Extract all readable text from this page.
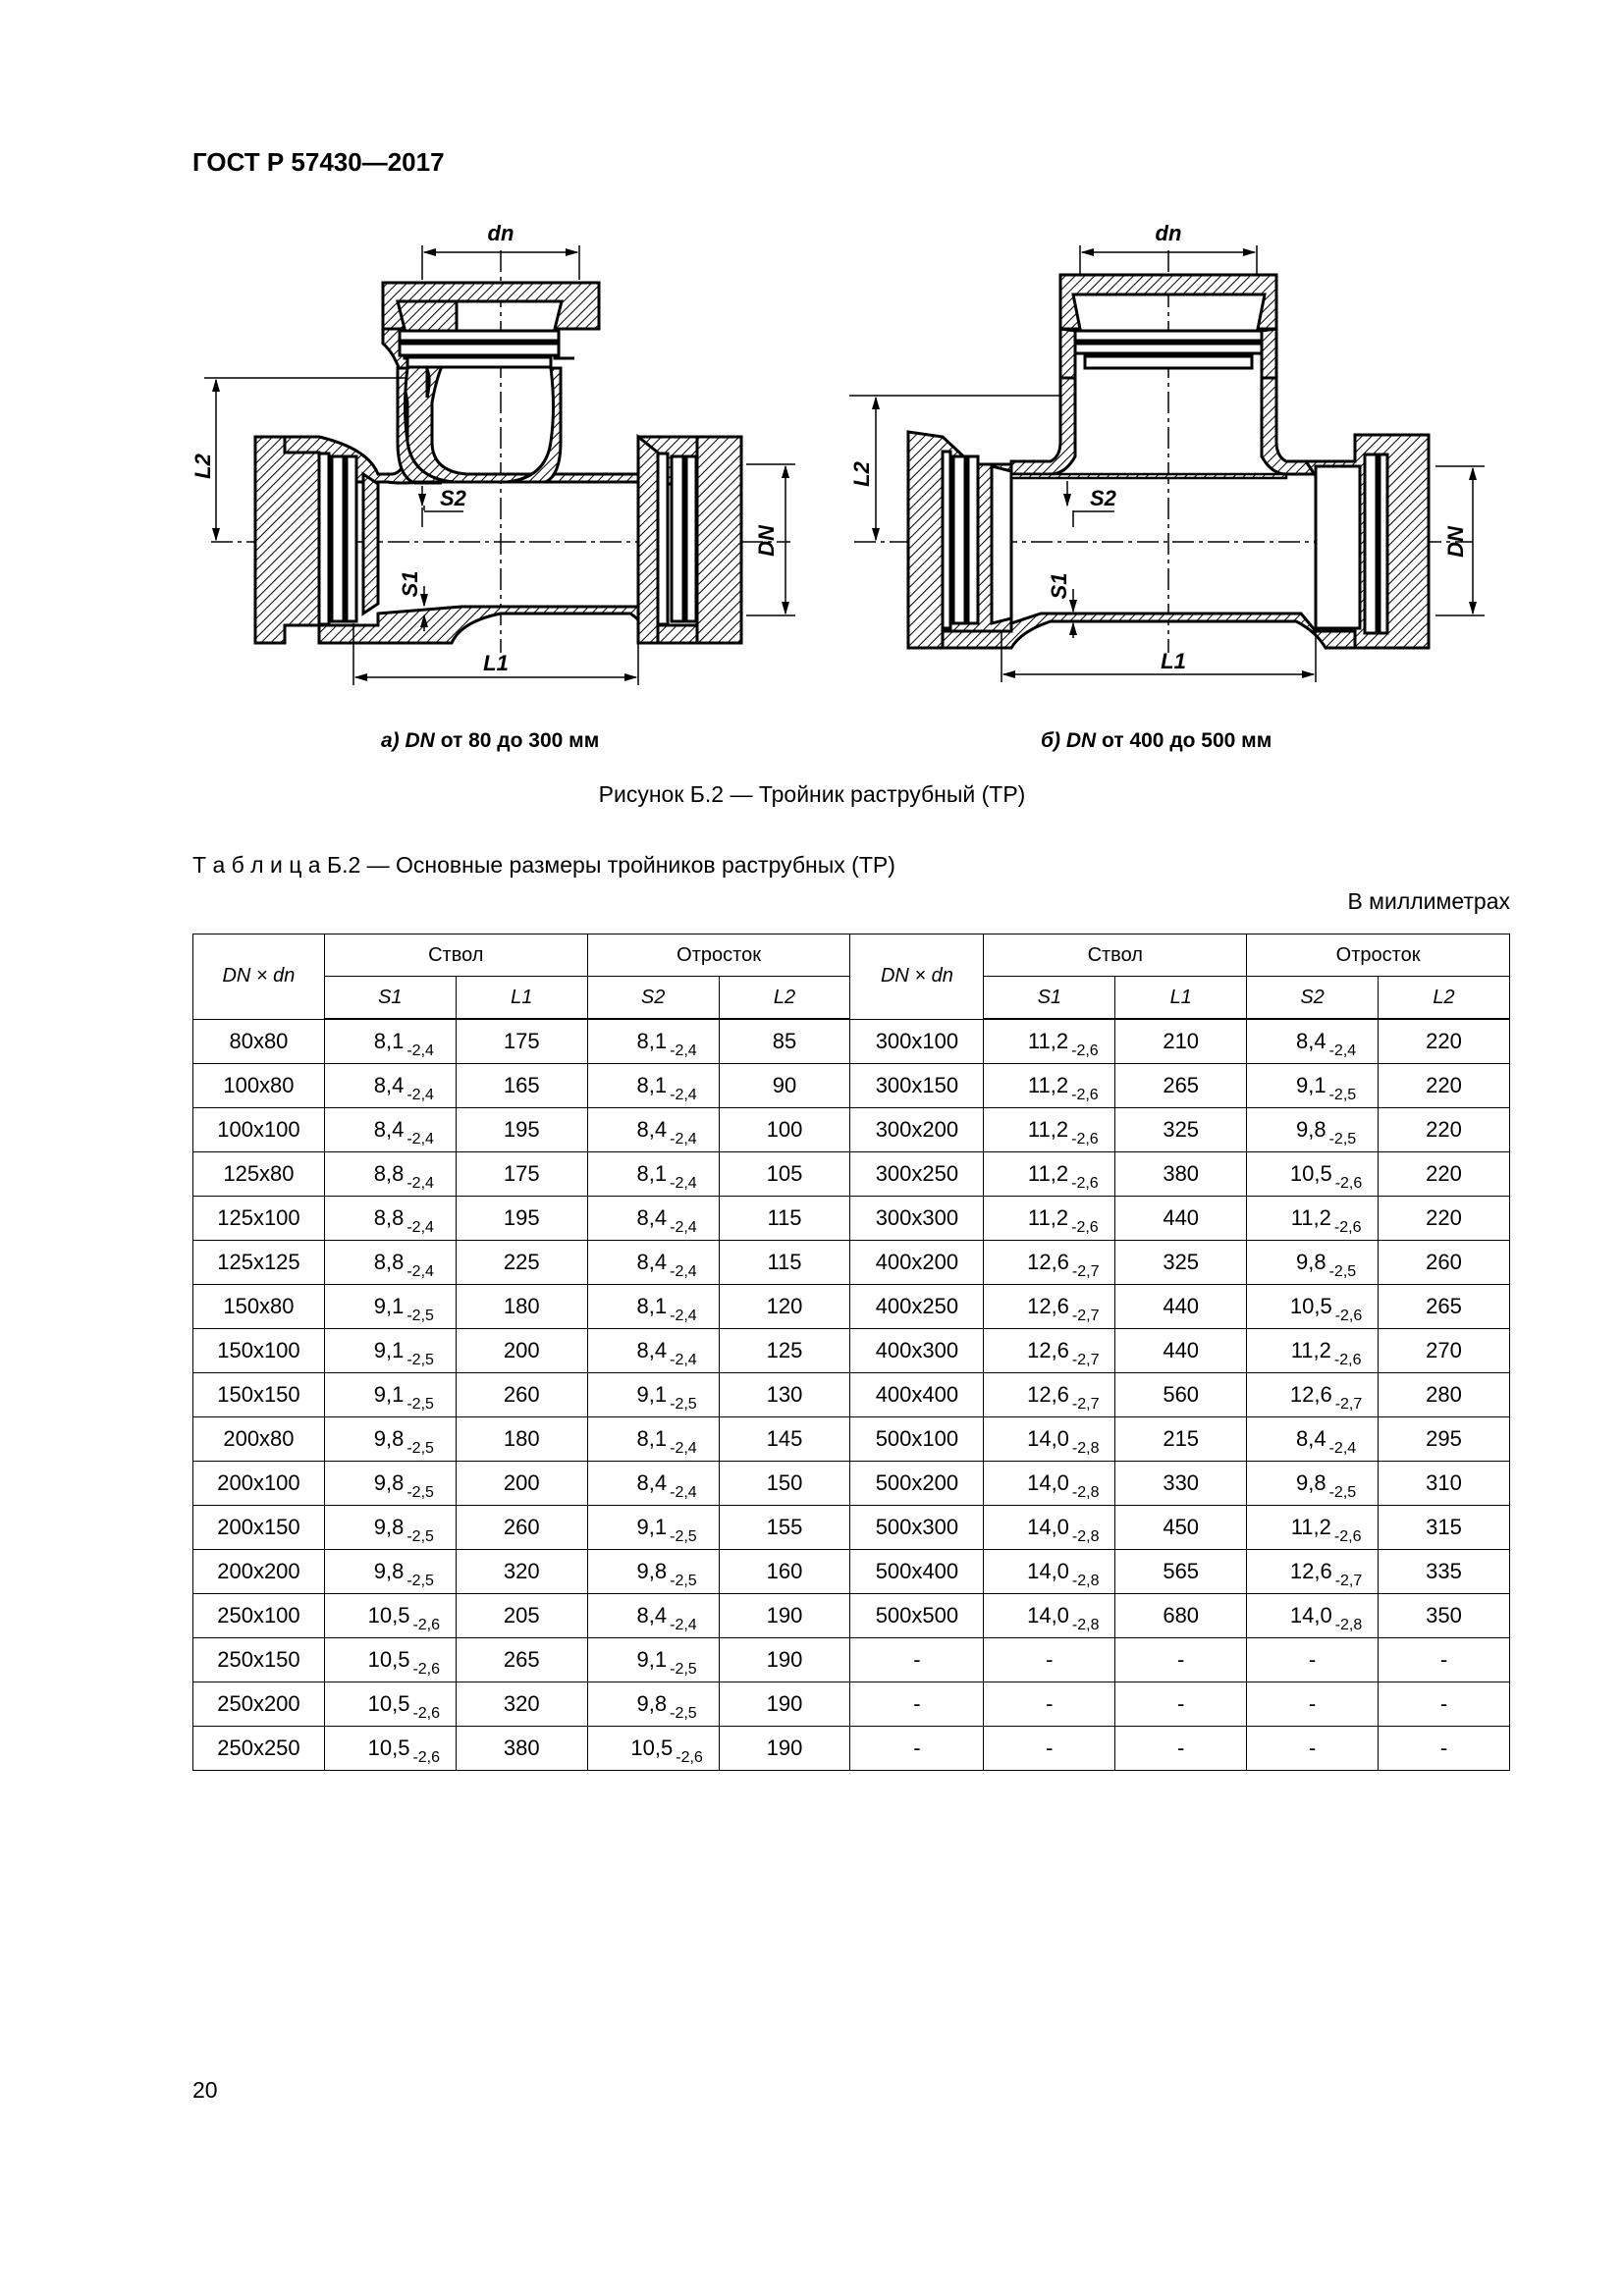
ГОСТ Р 57430—2017
dn
L2
S2
S1
L1
DN
dn
L2
S2
S1
L1
DN
а) DN от 80 до 300 мм	б) DN от 400 до 500 мм
Рисунок Б.2 — Тройник раструбный (ТР)
Т а б л и ц а Б.2 — Основные размеры тройников раструбных (ТР)
В миллиметрах
DN × dn	Ствол		Отросток		DN × dn	Ствол		Отросток	
	S1	L1	S2	L2		S1	L1	S2	L2
80x80	8,1 $_{-2,4}$	175	8,1 $_{-2,4}$	85	300x100	11,2 $_{-2,6}$	210	8,4 $_{-2,4}$	220
100x80	8,4 $_{-2,4}$	165	8,1 $_{-2,4}$	90	300x150	11,2 $_{-2,6}$	265	9,1 $_{-2,5}$	220
100x100	8,4 $_{-2,4}$	195	8,4 $_{-2,4}$	100	300x200	11,2 $_{-2,6}$	325	9,8 $_{-2,5}$	220
125x80	8,8 $_{-2,4}$	175	8,1 $_{-2,4}$	105	300x250	11,2 $_{-2,6}$	380	10,5 $_{-2,6}$	220
125x100	8,8 $_{-2,4}$	195	8,4 $_{-2,4}$	115	300x300	11,2 $_{-2,6}$	440	11,2 $_{-2,6}$	220
125x125	8,8 $_{-2,4}$	225	8,4 $_{-2,4}$	115	400x200	12,6 $_{-2,7}$	325	9,8 $_{-2,5}$	260
150x80	9,1 $_{-2,5}$	180	8,1 $_{-2,4}$	120	400x250	12,6 $_{-2,7}$	440	10,5 $_{-2,6}$	265
150x100	9,1 $_{-2,5}$	200	8,4 $_{-2,4}$	125	400x300	12,6 $_{-2,7}$	440	11,2 $_{-2,6}$	270
150x150	9,1 $_{-2,5}$	260	9,1 $_{-2,5}$	130	400x400	12,6 $_{-2,7}$	560	12,6 $_{-2,7}$	280
200x80	9,8 $_{-2,5}$	180	8,1 $_{-2,4}$	145	500x100	14,0 $_{-2,8}$	215	8,4 $_{-2,4}$	295
200x100	9,8 $_{-2,5}$	200	8,4 $_{-2,4}$	150	500x200	14,0 $_{-2,8}$	330	9,8 $_{-2,5}$	310
200x150	9,8 $_{-2,5}$	260	9,1 $_{-2,5}$	155	500x300	14,0 $_{-2,8}$	450	11,2 $_{-2,6}$	315
200x200	9,8 $_{-2,5}$	320	9,8 $_{-2,5}$	160	500x400	14,0 $_{-2,8}$	565	12,6 $_{-2,7}$	335
250x100	10,5 $_{-2,6}$	205	8,4 $_{-2,4}$	190	500x500	14,0 $_{-2,8}$	680	14,0 $_{-2,8}$	350
250x150	10,5 $_{-2,6}$	265	9,1 $_{-2,5}$	190	-	-	-	-	-
250x200	10,5 $_{-2,6}$	320	9,8 $_{-2,5}$	190	-	-	-	-	-
250x250	10,5 $_{-2,6}$	380	10,5 $_{-2,6}$	190	-	-	-	-	-
20
